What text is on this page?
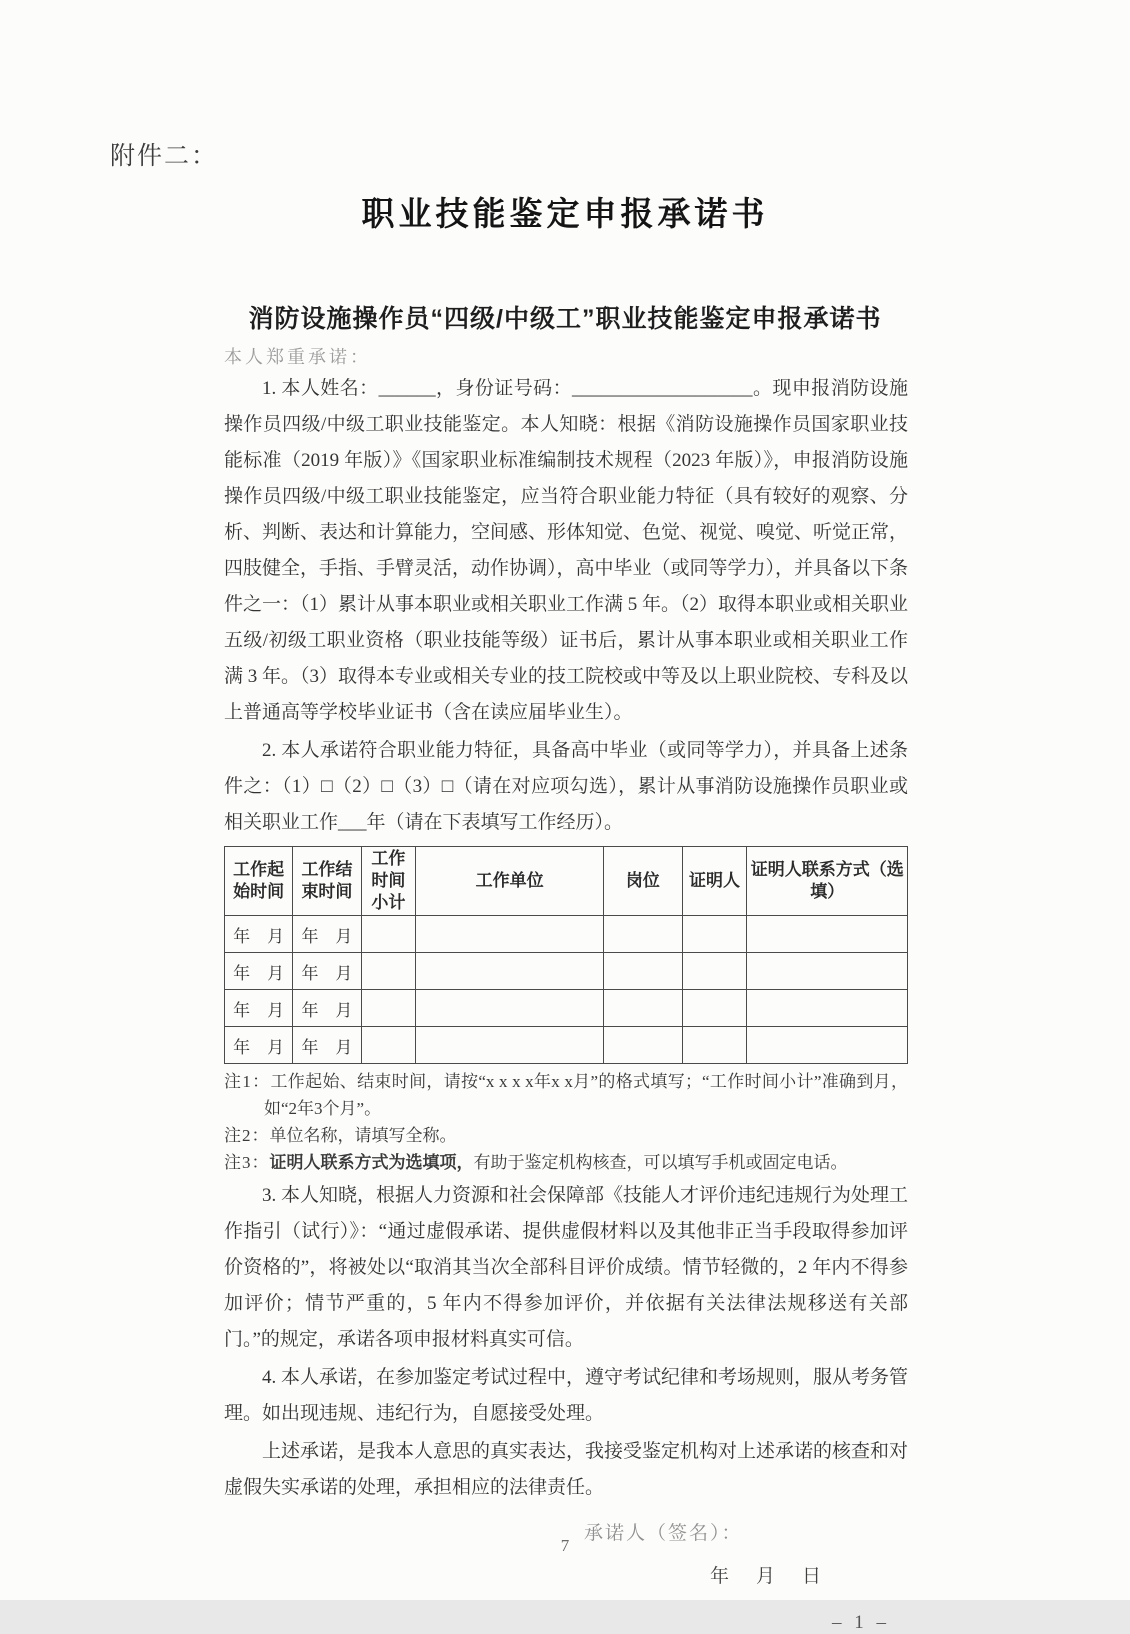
附件二：
职业技能鉴定申报承诺书
消防设施操作员“四级/中级工”职业技能鉴定申报承诺书
本人郑重承诺：

1. 本人姓名：______，身份证号码：___________________。现申报消防设施操作员四级/中级工职业技能鉴定。本人知晓：根据《消防设施操作员国家职业技能标准（2019 年版）》《国家职业标准编制技术规程（2023 年版）》，申报消防设施操作员四级/中级工职业技能鉴定，应当符合职业能力特征（具有较好的观察、分析、判断、表达和计算能力，空间感、形体知觉、色觉、视觉、嗅觉、听觉正常，四肢健全，手指、手臂灵活，动作协调），高中毕业（或同等学力），并具备以下条件之一：（1）累计从事本职业或相关职业工作满 5 年。（2）取得本职业或相关职业五级/初级工职业资格（职业技能等级）证书后，累计从事本职业或相关职业工作满 3 年。（3）取得本专业或相关专业的技工院校或中等及以上职业院校、专科及以上普通高等学校毕业证书（含在读应届毕业生）。

2. 本人承诺符合职业能力特征，具备高中毕业（或同等学力），并具备上述条件之：（1）□（2）□（3）□（请在对应项勾选），累计从事消防设施操作员职业或相关职业工作___年（请在下表填写工作经历）。

工作起始时间	工作结束时间	工作时间小计	工作单位	岗位	证明人	证明人联系方式（选填）
年　月	年　月					
年　月	年　月					
年　月	年　月					
年　月	年　月					
注1：工作起始、结束时间，请按“x x x x年x x月”的格式填写；“工作时间小计”准确到月，如“2年3个月”。
注2：单位名称，请填写全称。
注3：证明人联系方式为选填项，有助于鉴定机构核查，可以填写手机或固定电话。

3. 本人知晓，根据人力资源和社会保障部《技能人才评价违纪违规行为处理工作指引（试行）》：“通过虚假承诺、提供虚假材料以及其他非正当手段取得参加评价资格的”，将被处以“取消其当次全部科目评价成绩。情节轻微的，2 年内不得参加评价；情节严重的，5 年内不得参加评价，并依据有关法律法规移送有关部门。”的规定，承诺各项申报材料真实可信。

4. 本人承诺，在参加鉴定考试过程中，遵守考试纪律和考场规则，服从考务管理。如出现违规、违纪行为，自愿接受处理。

上述承诺，是我本人意思的真实表达，我接受鉴定机构对上述承诺的核查和对虚假失实承诺的处理，承担相应的法律责任。

承诺人（签名）：
年　月　日
– 1 –
7
